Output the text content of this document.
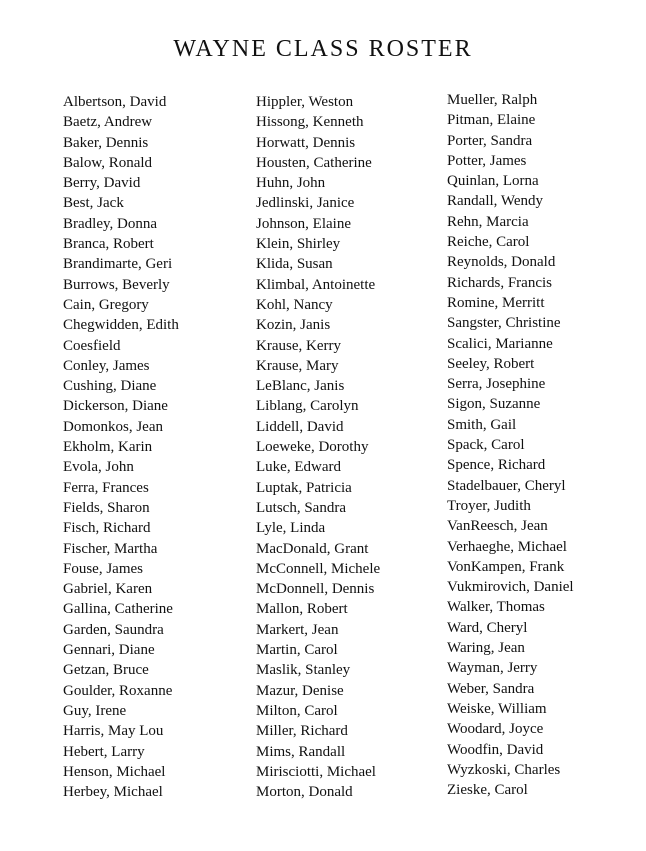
WAYNE CLASS ROSTER
Albertson, David
Baetz, Andrew
Baker, Dennis
Balow, Ronald
Berry, David
Best, Jack
Bradley, Donna
Branca, Robert
Brandimarte, Geri
Burrows, Beverly
Cain, Gregory
Chegwidden, Edith
Coesfield
Conley, James
Cushing, Diane
Dickerson, Diane
Domonkos, Jean
Ekholm, Karin
Evola, John
Ferra, Frances
Fields, Sharon
Fisch, Richard
Fischer, Martha
Fouse, James
Gabriel, Karen
Gallina, Catherine
Garden, Saundra
Gennari, Diane
Getzan, Bruce
Goulder, Roxanne
Guy, Irene
Harris, May Lou
Hebert, Larry
Henson, Michael
Herbey, Michael
Hippler, Weston
Hissong, Kenneth
Horwatt, Dennis
Housten, Catherine
Huhn, John
Jedlinski, Janice
Johnson, Elaine
Klein, Shirley
Klida, Susan
Klimbal, Antoinette
Kohl, Nancy
Kozin, Janis
Krause, Kerry
Krause, Mary
LeBlanc, Janis
Liblang, Carolyn
Liddell, David
Loeweke, Dorothy
Luke, Edward
Luptak, Patricia
Lutsch, Sandra
Lyle, Linda
MacDonald, Grant
McConnell, Michele
McDonnell, Dennis
Mallon, Robert
Markert, Jean
Martin, Carol
Maslik, Stanley
Mazur, Denise
Milton, Carol
Miller, Richard
Mims, Randall
Mirisciotti, Michael
Morton, Donald
Mueller, Ralph
Pitman, Elaine
Porter, Sandra
Potter, James
Quinlan, Lorna
Randall, Wendy
Rehn, Marcia
Reiche, Carol
Reynolds, Donald
Richards, Francis
Romine, Merritt
Sangster, Christine
Scalici, Marianne
Seeley, Robert
Serra, Josephine
Sigon, Suzanne
Smith, Gail
Spack, Carol
Spence, Richard
Stadelbauer, Cheryl
Troyer, Judith
VanReesch, Jean
Verhaeghe, Michael
VonKampen, Frank
Vukmirovich, Daniel
Walker, Thomas
Ward, Cheryl
Waring, Jean
Wayman, Jerry
Weber, Sandra
Weiske, William
Woodard, Joyce
Woodfin, David
Wyzkoski, Charles
Zieske, Carol
